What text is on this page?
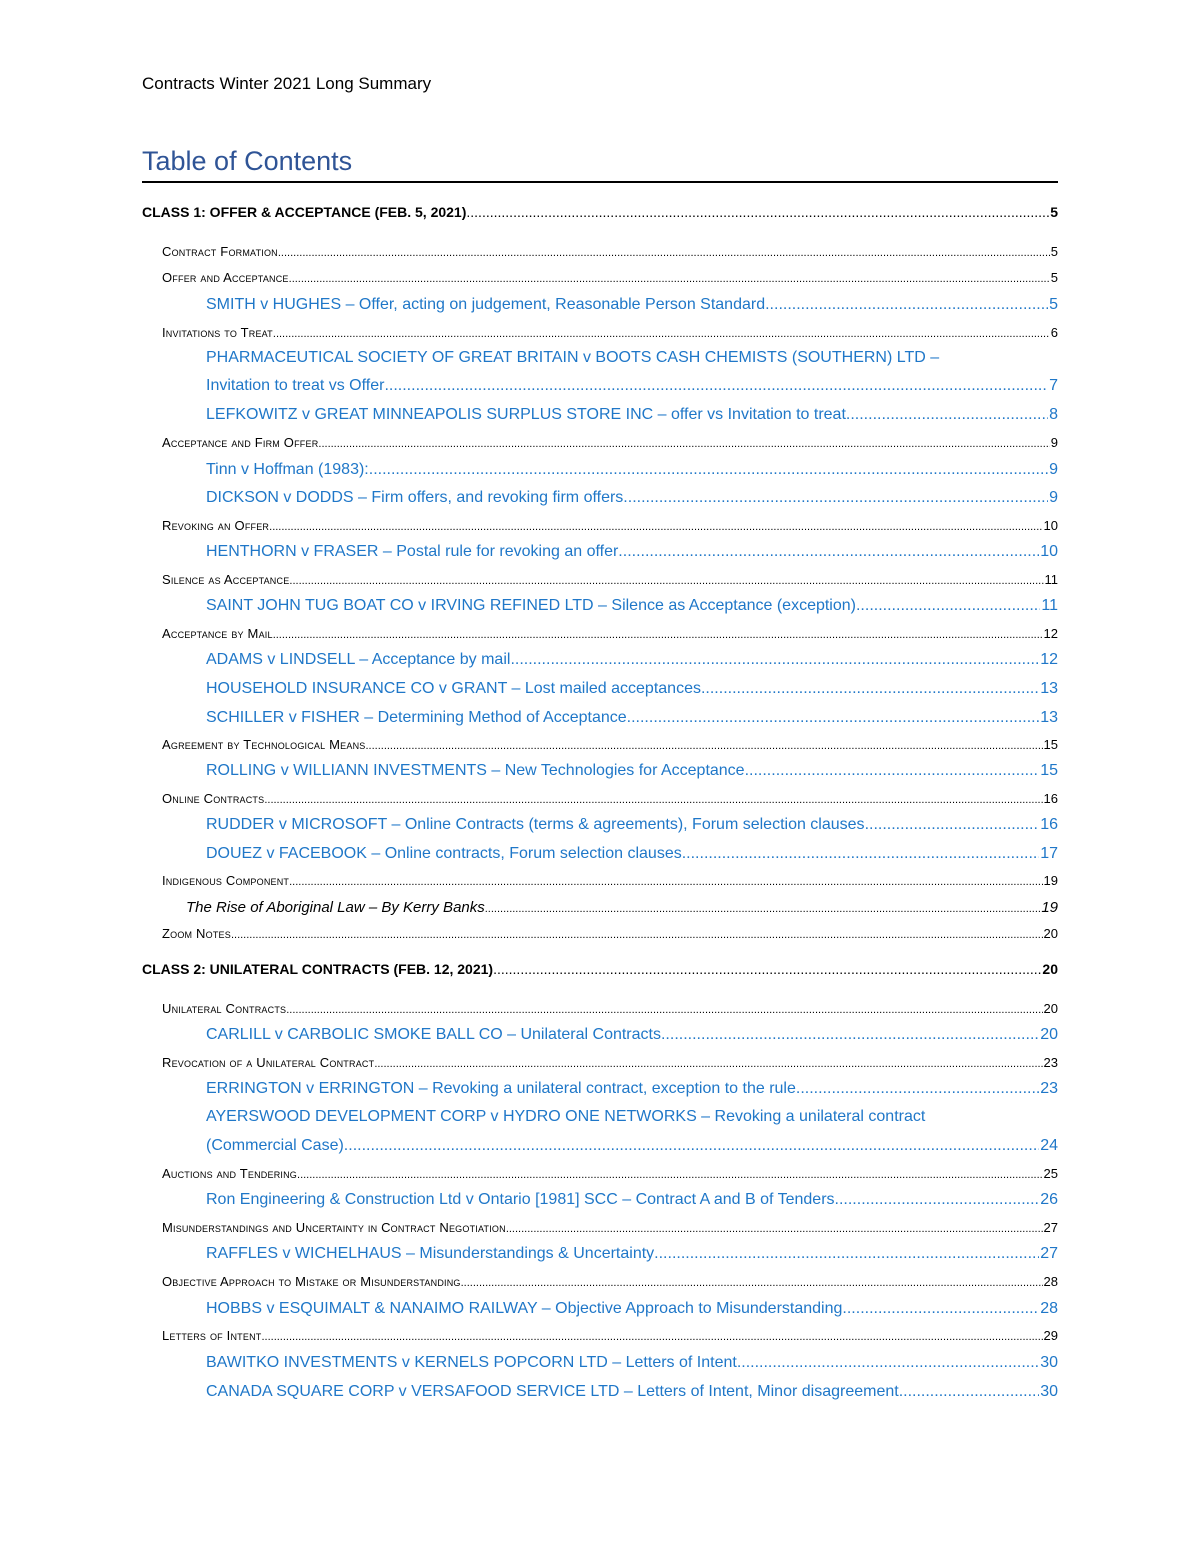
Contracts Winter 2021 Long Summary
Table of Contents
CLASS 1: OFFER & ACCEPTANCE (FEB. 5, 2021) .....	5
Contract Formation .....	5
Offer and Acceptance .....	5
SMITH v HUGHES – Offer, acting on judgement, Reasonable Person Standard .....	5
Invitations to Treat .....	6
PHARMACEUTICAL SOCIETY OF GREAT BRITAIN v BOOTS CASH CHEMISTS (SOUTHERN) LTD –
Invitation to treat vs Offer .....	7
LEFKOWITZ v GREAT MINNEAPOLIS SURPLUS STORE INC – offer vs Invitation to treat .....	8
Acceptance and Firm Offer .....	9
Tinn v Hoffman (1983): .....	9
DICKSON v DODDS – Firm offers, and revoking firm offers .....	9
Revoking an Offer .....	10
HENTHORN v FRASER – Postal rule for revoking an offer .....	10
Silence as Acceptance .....	11
SAINT JOHN TUG BOAT CO v IRVING REFINED LTD – Silence as Acceptance (exception) .....	11
Acceptance by Mail .....	12
ADAMS v LINDSELL – Acceptance by mail .....	12
HOUSEHOLD INSURANCE CO v GRANT – Lost mailed acceptances .....	13
SCHILLER v FISHER – Determining Method of Acceptance .....	13
Agreement by Technological Means .....	15
ROLLING v WILLIANN INVESTMENTS – New Technologies for Acceptance .....	15
Online Contracts .....	16
RUDDER v MICROSOFT – Online Contracts (terms & agreements), Forum selection clauses .....	16
DOUEZ v FACEBOOK – Online contracts, Forum selection clauses .....	17
Indigenous Component .....	19
The Rise of Aboriginal Law – By Kerry Banks .....	19
Zoom Notes .....	20
CLASS 2: UNILATERAL CONTRACTS (FEB. 12, 2021) .....	20
Unilateral Contracts .....	20
CARLILL v CARBOLIC SMOKE BALL CO – Unilateral Contracts .....	20
Revocation of a Unilateral Contract .....	23
ERRINGTON v ERRINGTON – Revoking a unilateral contract, exception to the rule .....	23
AYERSWOOD DEVELOPMENT CORP v HYDRO ONE NETWORKS – Revoking a unilateral contract
(Commercial Case) .....	24
Auctions and Tendering .....	25
Ron Engineering & Construction Ltd v Ontario [1981] SCC – Contract A and B of Tenders .....	26
Misunderstandings and Uncertainty in Contract Negotiation .....	27
RAFFLES v WICHELHAUS – Misunderstandings & Uncertainty .....	27
Objective Approach to Mistake or Misunderstanding .....	28
HOBBS v ESQUIMALT & NANAIMO RAILWAY – Objective Approach to Misunderstanding .....	28
Letters of Intent .....	29
BAWITKO INVESTMENTS v KERNELS POPCORN LTD – Letters of Intent .....	30
CANADA SQUARE CORP v VERSAFOOD SERVICE LTD – Letters of Intent, Minor disagreement .....	30
